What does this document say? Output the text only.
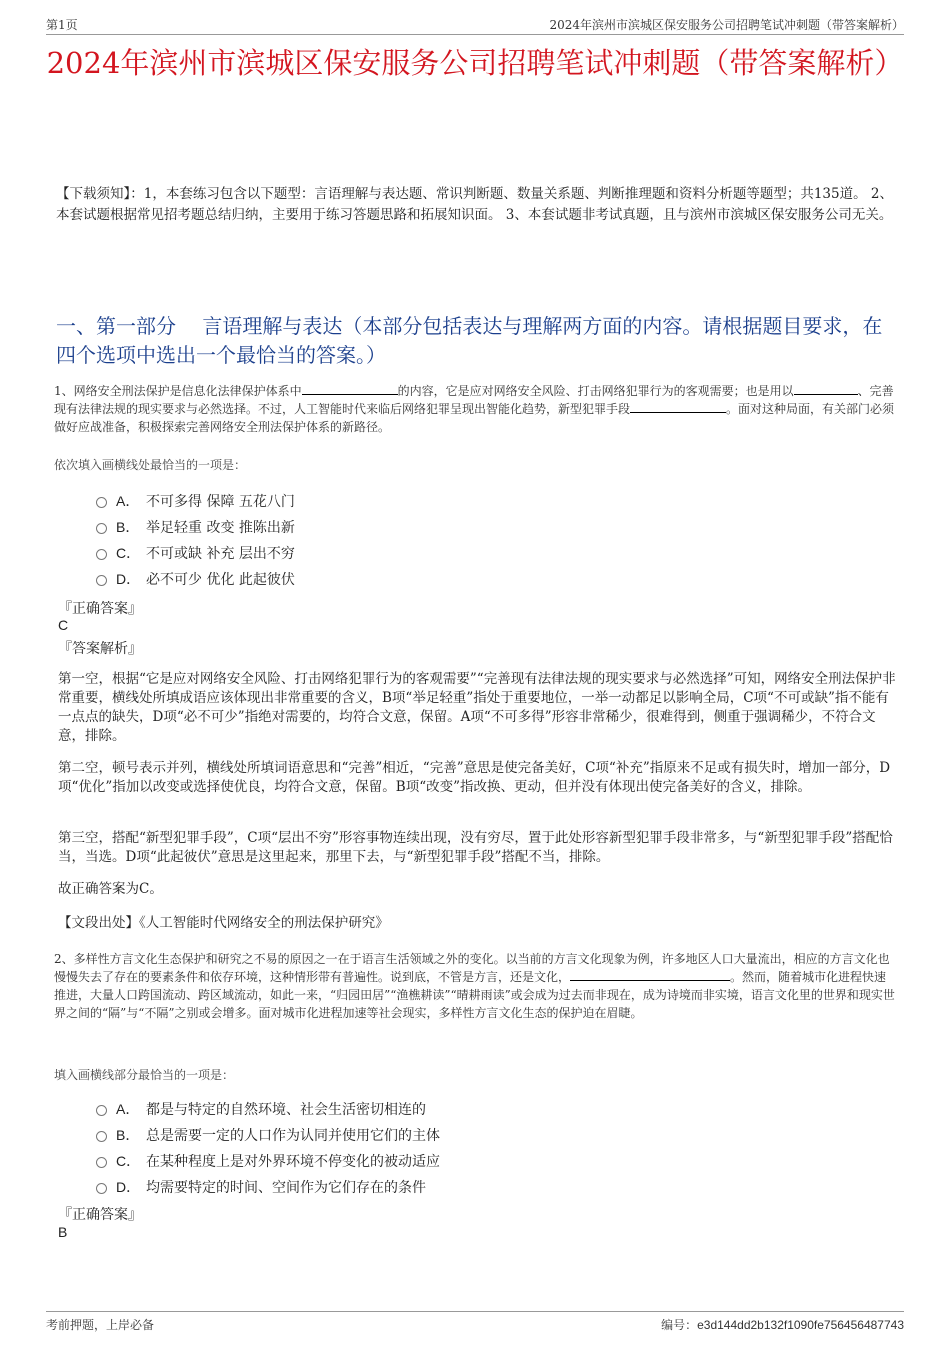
第1页	2024年滨州市滨城区保安服务公司招聘笔试冲刺题（带答案解析）
2024年滨州市滨城区保安服务公司招聘笔试冲刺题（带答案解析）

【下载须知】：1，本套练习包含以下题型：言语理解与表达题、常识判断题、数量关系题、判断推理题和资料分析题等题型；共135道。 2、本套试题根据常见招考题总结归纳，主要用于练习答题思路和拓展知识面。 3、本套试题非考试真题，且与滨州市滨城区保安服务公司无关。

一、第一部分　 言语理解与表达（本部分包括表达与理解两方面的内容。请根据题目要求，在四个选项中选出一个最恰当的答案。）

1、网络安全刑法保护是信息化法律保护体系中	的内容，它是应对网络安全风险、打击网络犯罪行为的客观需要；也是用以	、完善现有法律法规的现实要求与必然选择。不过，人工智能时代来临后网络犯罪呈现出智能化趋势，新型犯罪手段	。面对这种局面，有关部门必须做好应战准备，积极探索完善网络安全刑法保护体系的新路径。

依次填入画横线处最恰当的一项是：

A． 不可多得 保障 五花八门
B． 举足轻重 改变 推陈出新
C． 不可或缺 补充 层出不穷
D． 必不可少 优化 此起彼伏

『正确答案』

C

『答案解析』

第一空，根据“它是应对网络安全风险、打击网络犯罪行为的客观需要”“完善现有法律法规的现实要求与必然选择”可知，网络安全刑法保护非常重要，横线处所填成语应该体现出非常重要的含义，B项“举足轻重”指处于重要地位，一举一动都足以影响全局，C项“不可或缺”指不能有一点点的缺失，D项“必不可少”指绝对需要的，均符合文意，保留。A项“不可多得”形容非常稀少，很难得到，侧重于强调稀少，不符合文意，排除。

第二空，顿号表示并列，横线处所填词语意思和“完善”相近，“完善”意思是使完备美好，C项“补充”指原来不足或有损失时，增加一部分，D项“优化”指加以改变或选择使优良，均符合文意，保留。B项“改变”指改换、更动，但并没有体现出使完备美好的含义，排除。

第三空，搭配“新型犯罪手段”，C项“层出不穷”形容事物连续出现，没有穷尽，置于此处形容新型犯罪手段非常多，与“新型犯罪手段”搭配恰当，当选。D项“此起彼伏”意思是这里起来，那里下去，与“新型犯罪手段”搭配不当，排除。

故正确答案为C。

【文段出处】《人工智能时代网络安全的刑法保护研究》

2、多样性方言文化生态保护和研究之不易的原因之一在于语言生活领域之外的变化。以当前的方言文化现象为例，许多地区人口大量流出，相应的方言文化也慢慢失去了存在的要素条件和依存环境，这种情形带有普遍性。说到底，不管是方言，还是文化，	。然而，随着城市化进程快速推进，大量人口跨国流动、跨区域流动，如此一来，“归园田居”“渔樵耕读”“晴耕雨读”或会成为过去而非现在，成为诗境而非实境，语言文化里的世界和现实世界之间的“隔”与“不隔”之别或会增多。面对城市化进程加速等社会现实，多样性方言文化生态的保护迫在眉睫。

填入画横线部分最恰当的一项是：

A． 都是与特定的自然环境、社会生活密切相连的
B． 总是需要一定的人口作为认同并使用它们的主体
C． 在某种程度上是对外界环境不停变化的被动适应
D． 均需要特定的时间、空间作为它们存在的条件

『正确答案』

B

考前押题，上岸必备	编号：e3d144dd2b132f1090fe756456487743
